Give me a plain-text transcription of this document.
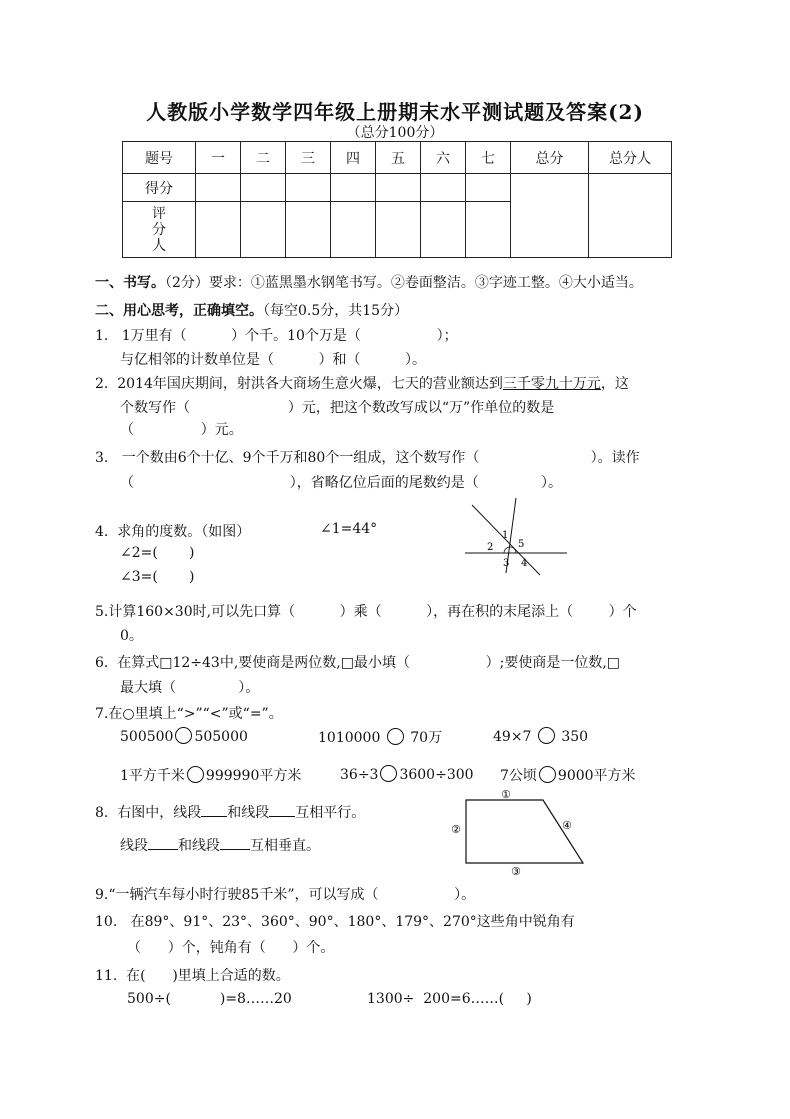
人教版小学数学四年级上册期末水平测试题及答案(2)
（总分100分）
题号	一	二	三	四	五	六	七	总分	总分人
得分									

评
分
人									

一、书写。（2分）要求：①蓝黑墨水钢笔书写。②卷面整洁。③字迹工整。④大小适当。
二、用心思考，正确填空。（每空0.5分，共15分）
1.   1万里有（          ）个千。10个万是（                 ）；
与亿相邻的计数单位是（          ）和（          ）。
2.  2014年国庆期间，射洪各大商场生意火爆，七天的营业额达到三千零九十万元，这
个数写作（                      ）元，把这个数改写成以“万”作单位的数是
（               ）元。
3.   一个数由6个十亿、9个千万和80个一组成，这个数写作（                         ）。读作
（                                   ），省略亿位后面的尾数约是（              ）。
4.  求角的度数。（如图）	∠1=44°
∠2=(       )
∠3=(       )
1
2
3 4
5
5.计算160×30时,可以先口算（          ）乘（          ），再在积的末尾添上（        ）个
0。
6.  在算式□12÷43中,要使商是两位数,□最小填（                 ）;要使商是一位数,□
最大填（              ）。
7.在○里填上“>”“<”或“=”。
500500 505000	1010000 70万	49×7 350
1平方千米 999990平方米	36÷3 3600÷300 7公顷 9000平方米
8.  右图中，线段 和线段 互相平行。
线段 和线段 互相垂直。
①
②
③
④
9.“一辆汽车每小时行驶85千米”，可以写成（                 ）。
10.   在89°、91°、23°、360°、90°、180°、179°、270°这些角中锐角有
（      ）个，钝角有（      ）个。
11.  在(      )里填上合适的数。
500÷(           )=8……20	1300÷  200=6……(     )
